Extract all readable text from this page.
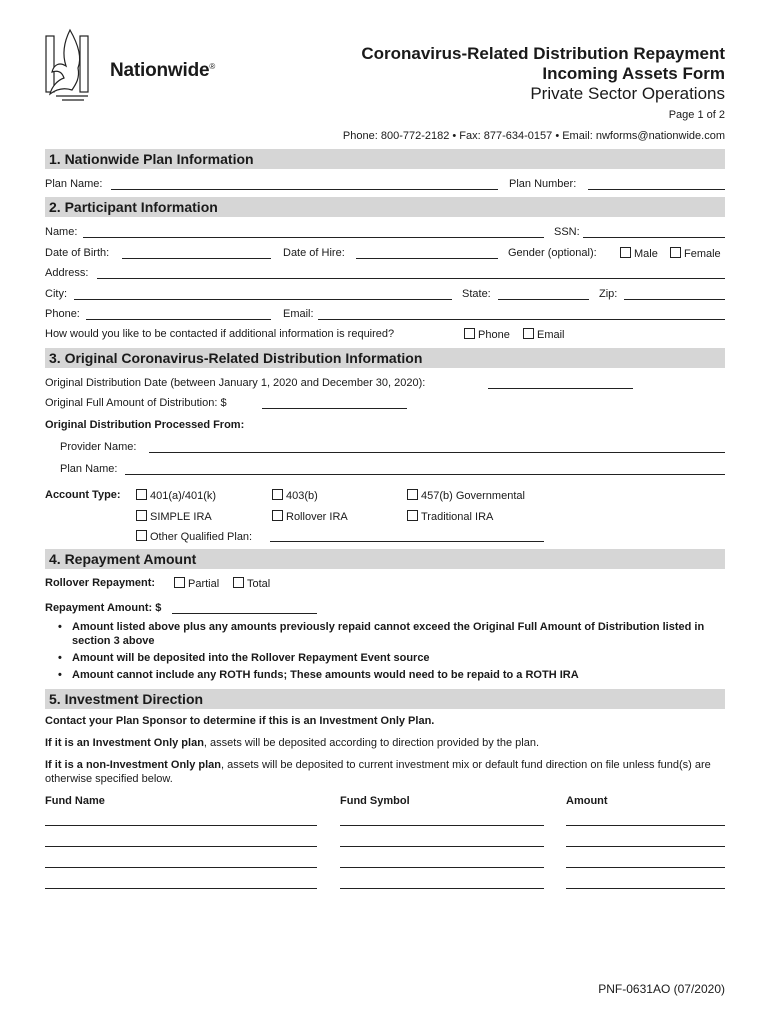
Nationwide®
Coronavirus-Related Distribution Repayment
Incoming Assets Form
Private Sector Operations
Page 1 of 2
Phone: 800-772-2182 • Fax: 877-634-0157 • Email: nwforms@nationwide.com
1. Nationwide Plan Information
Plan Name:	Plan Number:
2. Participant Information
Name:	SSN:
Date of Birth:	Date of Hire:	Gender (optional):	Male	Female
Address:
City:	State:	Zip:
Phone:	Email:
How would you like to be contacted if additional information is required?	Phone	Email
3. Original Coronavirus-Related Distribution Information
Original Distribution Date (between January 1, 2020 and December 30, 2020):
Original Full Amount of Distribution: $
Original Distribution Processed From:
Provider Name:
Plan Name:
Account Type:	401(a)/401(k)	403(b)	457(b) Governmental
SIMPLE IRA	Rollover IRA	Traditional IRA
Other Qualified Plan:
4. Repayment Amount
Rollover Repayment:	Partial	Total
Repayment Amount: $
• Amount listed above plus any amounts previously repaid cannot exceed the Original Full Amount of Distribution listed in section 3 above
• Amount will be deposited into the Rollover Repayment Event source
• Amount cannot include any ROTH funds; These amounts would need to be repaid to a ROTH IRA
5. Investment Direction
Contact your Plan Sponsor to determine if this is an Investment Only Plan.
If it is an Investment Only plan, assets will be deposited according to direction provided by the plan.
If it is a non-Investment Only plan, assets will be deposited to current investment mix or default fund direction on file unless fund(s) are otherwise specified below.
Fund Name	Fund Symbol	Amount
PNF-0631AO (07/2020)
